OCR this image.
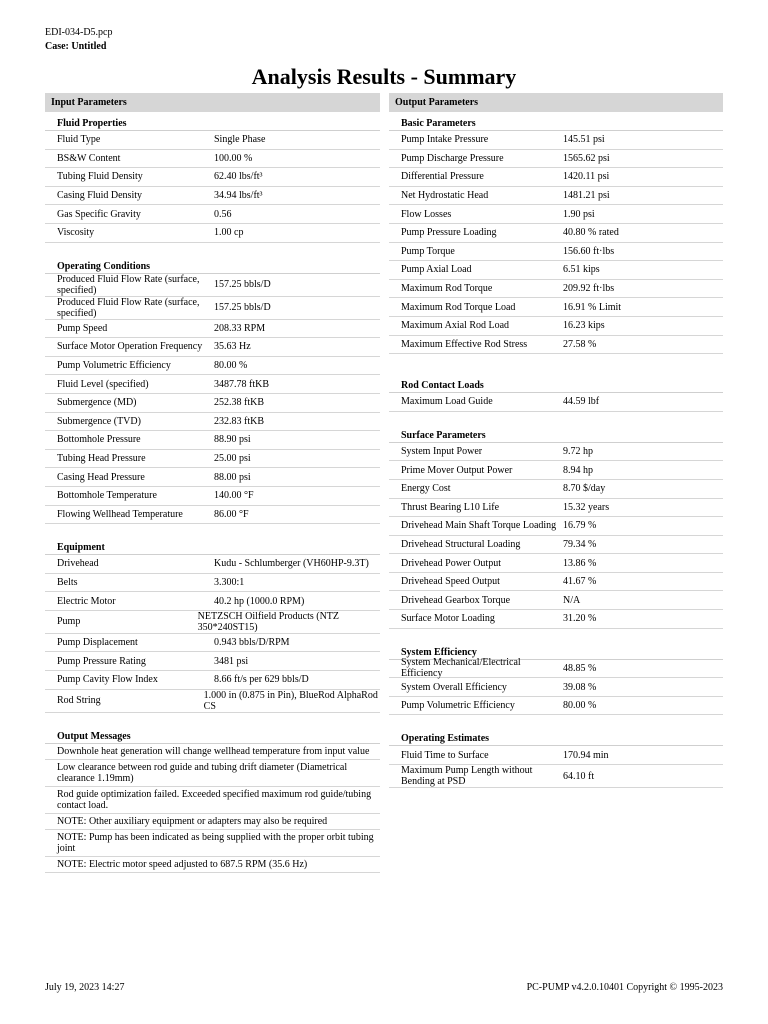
EDI-034-D5.pcp
Case: Untitled
Analysis Results - Summary
Input Parameters
Fluid Properties
Fluid Type	Single Phase
BS&W Content	100.00 %
Tubing Fluid Density	62.40 lbs/ft³
Casing Fluid Density	34.94 lbs/ft³
Gas Specific Gravity	0.56
Viscosity	1.00 cp
Operating Conditions
Produced Fluid Flow Rate (surface, specified)	157.25 bbls/D
Produced Fluid Flow Rate (surface, specified)	157.25 bbls/D
Pump Speed	208.33 RPM
Surface Motor Operation Frequency	35.63 Hz
Pump Volumetric Efficiency	80.00 %
Fluid Level (specified)	3487.78 ftKB
Submergence (MD)	252.38 ftKB
Submergence (TVD)	232.83 ftKB
Bottomhole Pressure	88.90 psi
Tubing Head Pressure	25.00 psi
Casing Head Pressure	88.00 psi
Bottomhole Temperature	140.00 °F
Flowing Wellhead Temperature	86.00 °F
Equipment
Drivehead	Kudu - Schlumberger (VH60HP-9.3T)
Belts	3.300:1
Electric Motor	40.2 hp (1000.0 RPM)
Pump	NETZSCH Oilfield Products (NTZ 350*240ST15)
Pump Displacement	0.943 bbls/D/RPM
Pump Pressure Rating	3481 psi
Pump Cavity Flow Index	8.66 ft/s per 629 bbls/D
Rod String	1.000 in (0.875 in Pin), BlueRod AlphaRod CS
Output Messages
Downhole heat generation will change wellhead temperature from input value
Low clearance between rod guide and tubing drift diameter (Diametrical clearance 1.19mm)
Rod guide optimization failed. Exceeded specified maximum rod guide/tubing contact load.
NOTE: Other auxiliary equipment or adapters may also be required
NOTE: Pump has been indicated as being supplied with the proper orbit tubing joint
NOTE: Electric motor speed adjusted to 687.5 RPM (35.6 Hz)
Output Parameters
Basic Parameters
Pump Intake Pressure	145.51 psi
Pump Discharge Pressure	1565.62 psi
Differential Pressure	1420.11 psi
Net Hydrostatic Head	1481.21 psi
Flow Losses	1.90 psi
Pump Pressure Loading	40.80 % rated
Pump Torque	156.60 ft·lbs
Pump Axial Load	6.51 kips
Maximum Rod Torque	209.92 ft·lbs
Maximum Rod Torque Load	16.91 % Limit
Maximum Axial Rod Load	16.23 kips
Maximum Effective Rod Stress	27.58 %
Rod Contact Loads
Maximum Load Guide	44.59 lbf
Surface Parameters
System Input Power	9.72 hp
Prime Mover Output Power	8.94 hp
Energy Cost	8.70 $/day
Thrust Bearing L10 Life	15.32 years
Drivehead Main Shaft Torque Loading 16.79 %
Drivehead Structural Loading	79.34 %
Drivehead Power Output	13.86 %
Drivehead Speed Output	41.67 %
Drivehead Gearbox Torque	N/A
Surface Motor Loading	31.20 %
System Efficiency
System Mechanical/Electrical Efficiency	48.85 %
System Overall Efficiency	39.08 %
Pump Volumetric Efficiency	80.00 %
Operating Estimates
Fluid Time to Surface	170.94 min
Maximum Pump Length without Bending at PSD	64.10 ft
July 19, 2023 14:27	PC-PUMP v4.2.0.10401 Copyright © 1995-2023
